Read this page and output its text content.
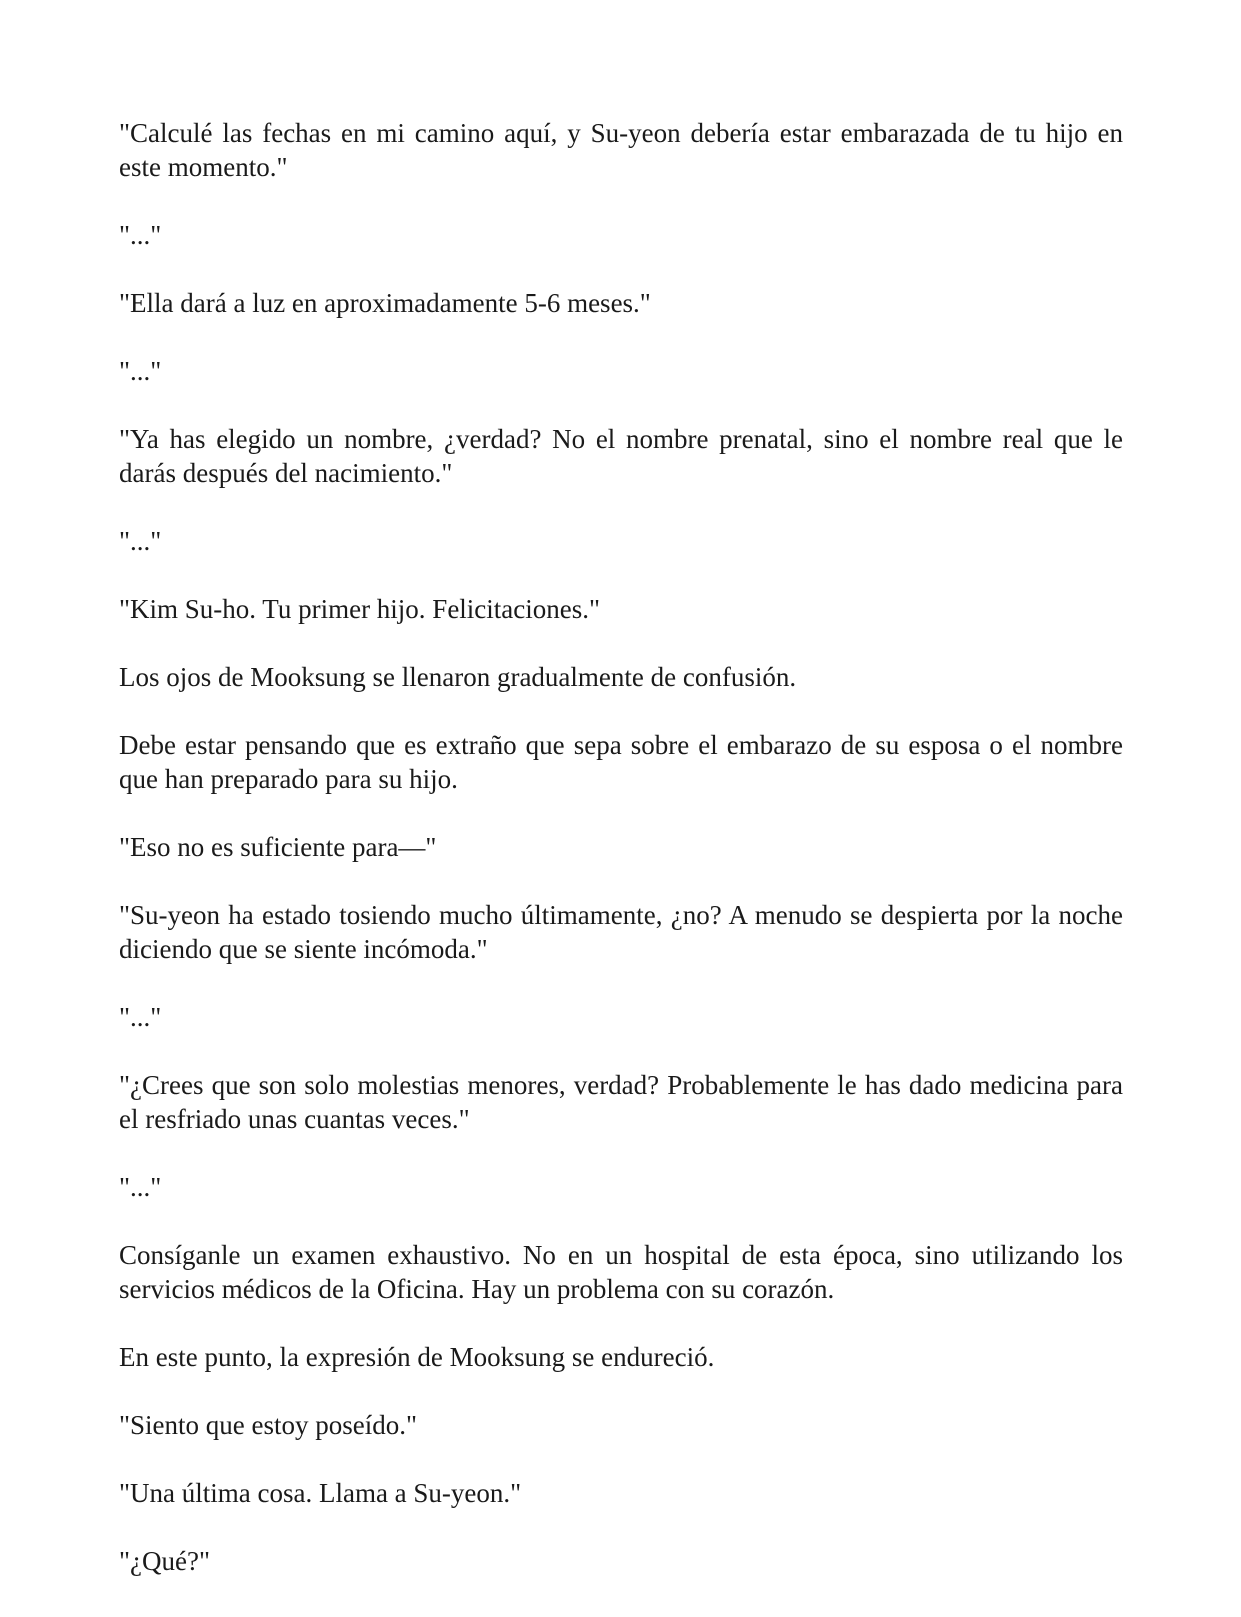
"Calculé las fechas en mi camino aquí, y Su-yeon debería estar embarazada de tu hijo en este momento."

"..."

"Ella dará a luz en aproximadamente 5-6 meses."

"..."

"Ya has elegido un nombre, ¿verdad? No el nombre prenatal, sino el nombre real que le darás después del nacimiento."

"..."

"Kim Su-ho. Tu primer hijo. Felicitaciones."

Los ojos de Mooksung se llenaron gradualmente de confusión.

Debe estar pensando que es extraño que sepa sobre el embarazo de su esposa o el nombre que han preparado para su hijo.

"Eso no es suficiente para—"

"Su-yeon ha estado tosiendo mucho últimamente, ¿no? A menudo se despierta por la noche diciendo que se siente incómoda."

"..."

"¿Crees que son solo molestias menores, verdad? Probablemente le has dado medicina para el resfriado unas cuantas veces."

"..."

Consíganle un examen exhaustivo. No en un hospital de esta época, sino utilizando los servicios médicos de la Oficina. Hay un problema con su corazón.

En este punto, la expresión de Mooksung se endureció.

"Siento que estoy poseído."

"Una última cosa. Llama a Su-yeon."

"¿Qué?"
